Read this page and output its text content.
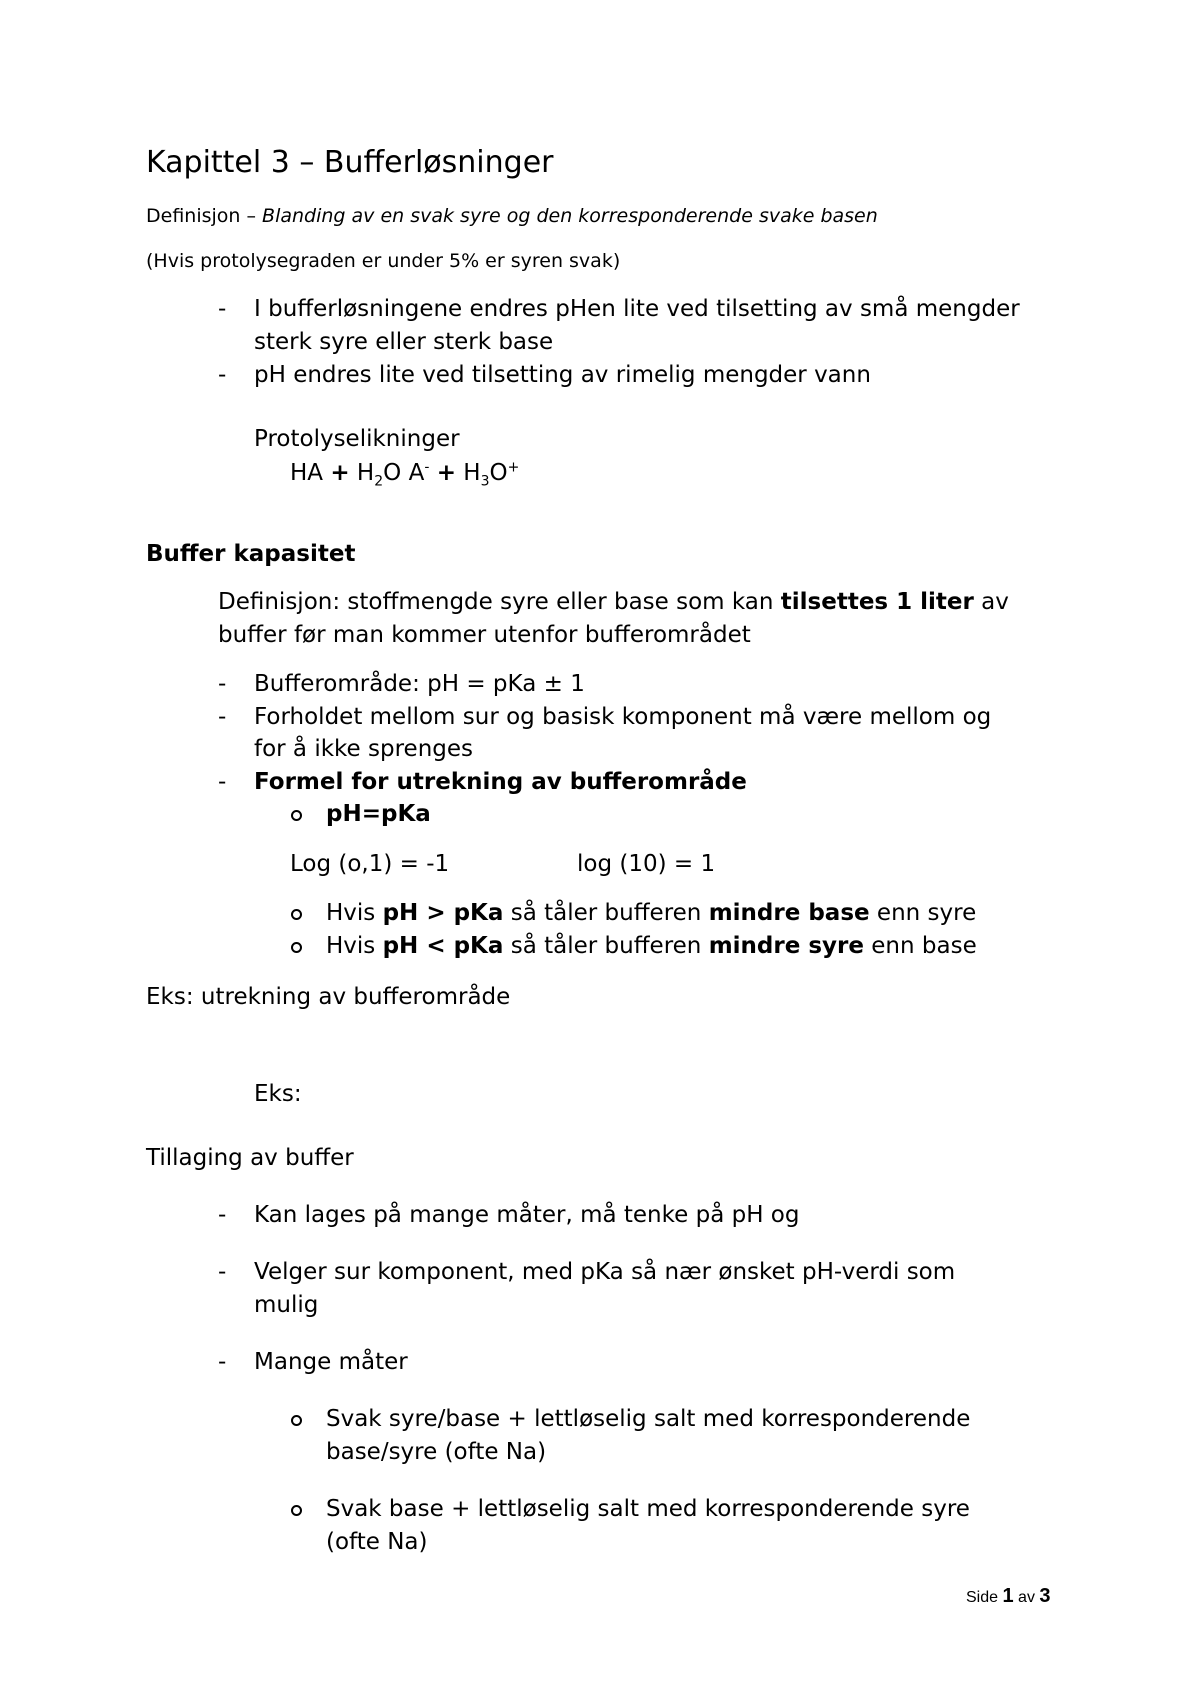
Kapittel 3 – Bufferløsninger
Definisjon – Blanding av en svak syre og den korresponderende svake basen
(Hvis protolysegraden er under 5% er syren svak)
- I bufferløsningene endres pHen lite ved tilsetting av små mengder
sterk syre eller sterk base
- pH endres lite ved tilsetting av rimelig mengder vann
Protolyselikninger
HA + $H_2O$ $A^- + H_3O^+$
Buffer kapasitet
Definisjon: stoffmengde syre eller base som kan tilsettes 1 liter av
buffer før man kommer utenfor bufferområdet
- Bufferområde: pH = pKa ± 1
- Forholdet mellom sur og basisk komponent må være mellom og
for å ikke sprenges
- Formel for utrekning av bufferområde
pH=pKa
Log (o,1) = -1	log (10) = 1
Hvis pH > pKa så tåler bufferen mindre base enn syre
Hvis pH < pKa så tåler bufferen mindre syre enn base
Eks: utrekning av bufferområde
Eks:
Tillaging av buffer
- Kan lages på mange måter, må tenke på pH og
- Velger sur komponent, med pKa så nær ønsket pH-verdi som
mulig
- Mange måter
Svak syre/base + lettløselig salt med korresponderende
base/syre (ofte Na)
Svak base + lettløselig salt med korresponderende syre
(ofte Na)
Side 1 av 3
